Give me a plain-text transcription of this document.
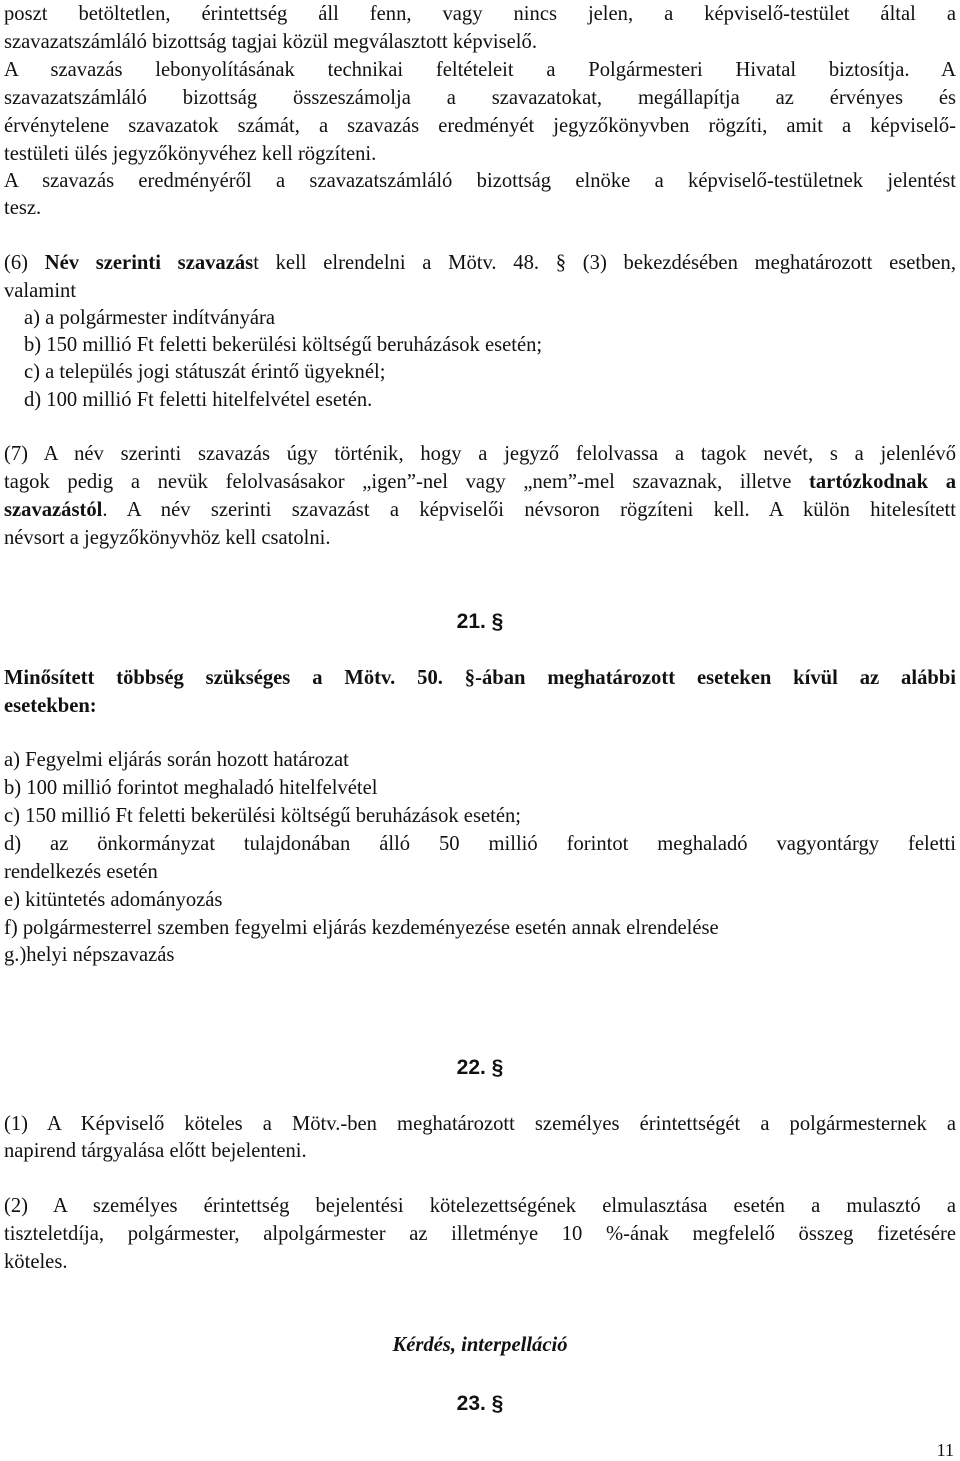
poszt betöltetlen, érintettség áll fenn, vagy nincs jelen, a képviselő-testület által a
szavazatszámláló bizottság tagjai közül megválasztott képviselő.
A szavazás lebonyolításának technikai feltételeit a Polgármesteri Hivatal biztosítja. A
szavazatszámláló bizottság összeszámolja a szavazatokat, megállapítja az érvényes és
érvénytelene szavazatok számát, a szavazás eredményét jegyzőkönyvben rögzíti, amit a képviselő-
testületi ülés jegyzőkönyvéhez kell rögzíteni.
A szavazás eredményéről a szavazatszámláló bizottság elnöke a képviselő-testületnek jelentést
tesz.
(6) Név szerinti szavazást kell elrendelni a Mötv. 48. § (3) bekezdésében meghatározott esetben,
valamint
a) a polgármester indítványára
b) 150 millió Ft feletti bekerülési költségű beruházások esetén;
c) a település jogi státuszát érintő ügyeknél;
d) 100 millió Ft feletti hitelfelvétel esetén.
(7) A név szerinti szavazás úgy történik, hogy a jegyző felolvassa a tagok nevét, s a jelenlévő
tagok pedig a nevük felolvasásakor „igen”-nel vagy „nem”-mel szavaznak, illetve tartózkodnak a
szavazástól. A név szerinti szavazást a képviselői névsoron rögzíteni kell. A külön hitelesített
névsort a jegyzőkönyvhöz kell csatolni.
21. §
Minősített többség szükséges a Mötv. 50. §-ában meghatározott eseteken kívül az alábbi
esetekben:
a) Fegyelmi eljárás során hozott határozat
b) 100 millió forintot meghaladó hitelfelvétel
c) 150 millió Ft feletti bekerülési költségű beruházások esetén;
d) az önkormányzat tulajdonában álló 50 millió forintot meghaladó vagyontárgy feletti
rendelkezés esetén
e) kitüntetés adományozás
f) polgármesterrel szemben fegyelmi eljárás kezdeményezése esetén annak elrendelése
g.)helyi népszavazás
22. §
(1) A Képviselő köteles a Mötv.-ben meghatározott személyes érintettségét a polgármesternek a
napirend tárgyalása előtt bejelenteni.
(2) A személyes érintettség bejelentési kötelezettségének elmulasztása esetén a mulasztó a
tiszteletdíja, polgármester, alpolgármester az illetménye 10 %-ának megfelelő összeg fizetésére
köteles.
Kérdés, interpelláció
23. §
11
